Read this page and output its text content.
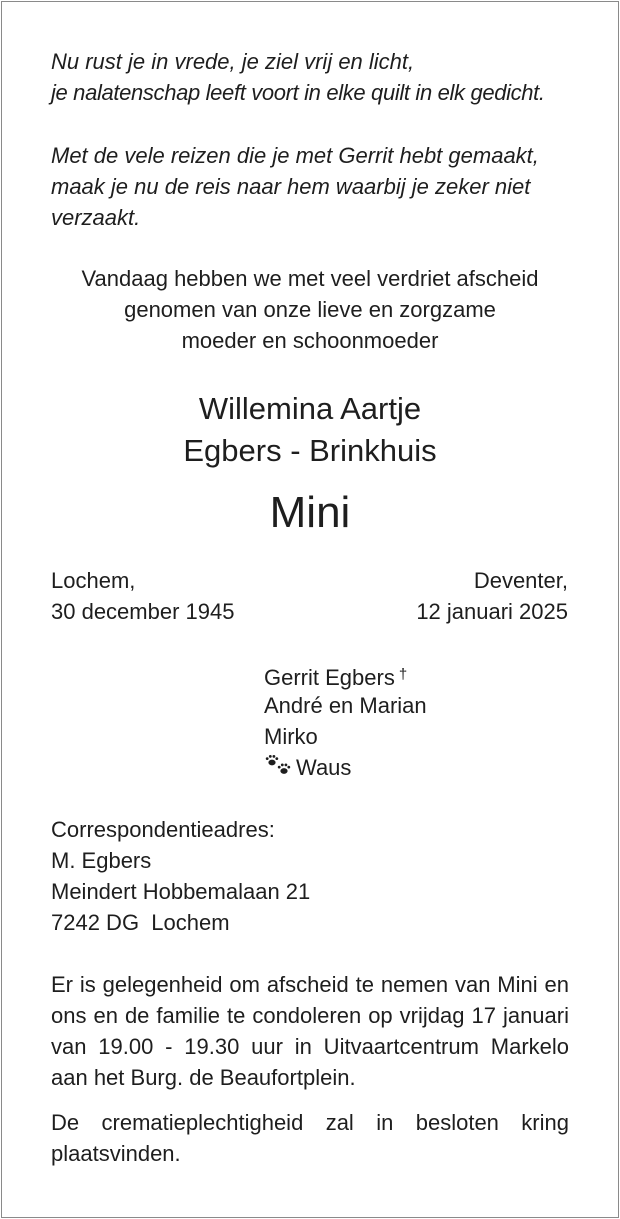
Nu rust je in vrede, je ziel vrij en licht,
je nalatenschap leeft voort in elke quilt in elk gedicht.
Met de vele reizen die je met Gerrit hebt gemaakt,
maak je nu de reis naar hem waarbij je zeker niet
verzaakt.
Vandaag hebben we met veel verdriet afscheid
genomen van onze lieve en zorgzame
moeder en schoonmoeder
Willemina Aartje
Egbers - Brinkhuis
Mini
Lochem,
30 december 1945
Deventer,
12 januari 2025
Gerrit Egbers †
André en Marian
Mirko
Waus
Correspondentieadres:
M. Egbers
Meindert Hobbemalaan 21
7242 DG  Lochem
Er is gelegenheid om afscheid te nemen van Mini en ons en de familie te condoleren op vrijdag 17 januari van 19.00 - 19.30 uur in Uitvaartcentrum Markelo aan het Burg. de Beaufortplein.
De crematieplechtigheid zal in besloten kring plaatsvinden.
